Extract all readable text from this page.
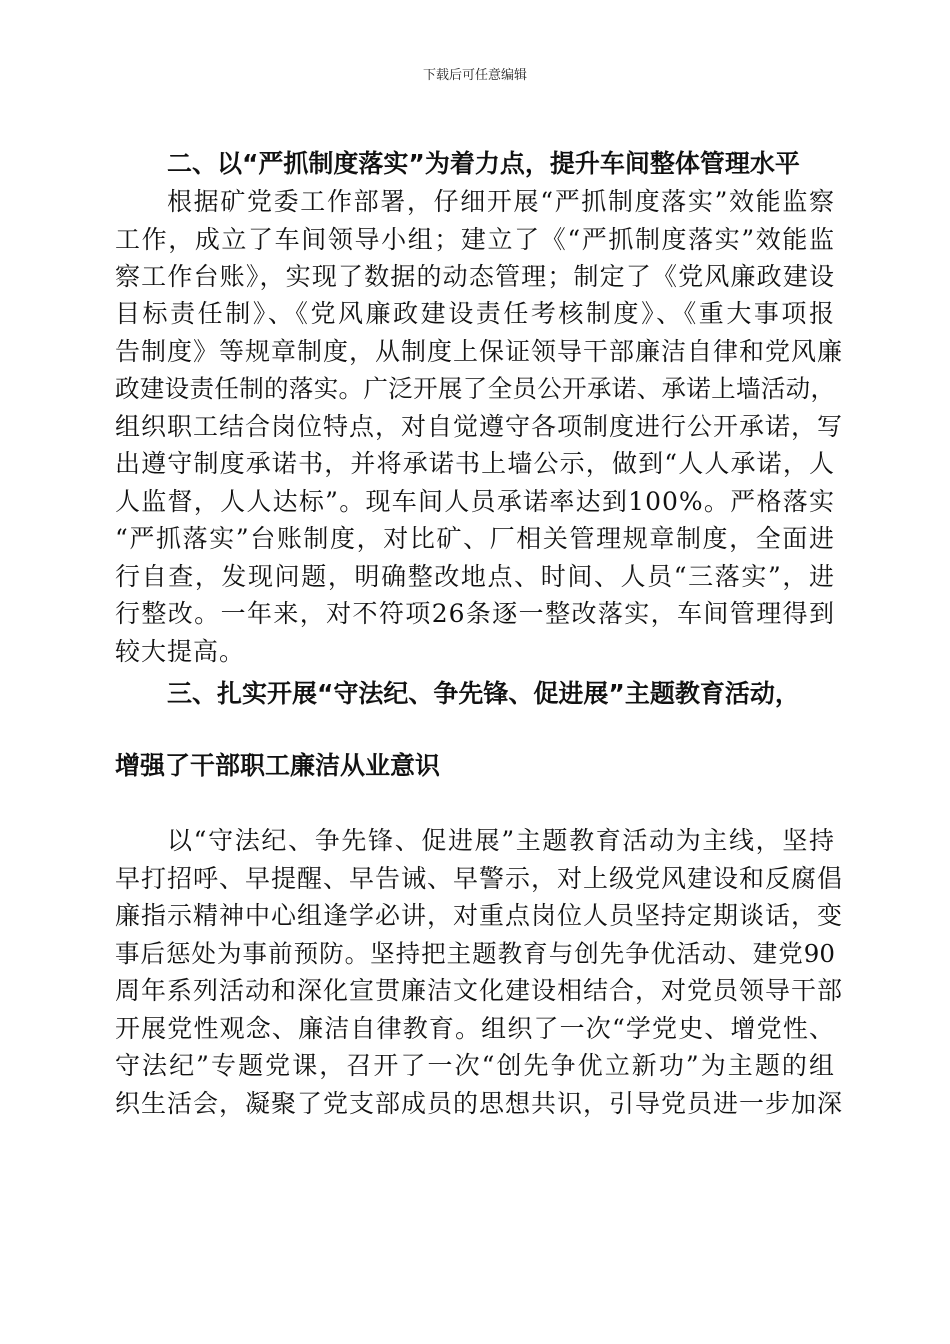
下载后可任意编辑
二、以“严抓制度落实”为着力点，提升车间整体管理水平
根据矿党委工作部署，仔细开展“严抓制度落实”效能监察
工作，成立了车间领导小组；建立了《“严抓制度落实”效能监
察工作台账》，实现了数据的动态管理；制定了《党风廉政建设
目标责任制》、《党风廉政建设责任考核制度》、《重大事项报
告制度》等规章制度，从制度上保证领导干部廉洁自律和党风廉
政建设责任制的落实。广泛开展了全员公开承诺、承诺上墙活动，
组织职工结合岗位特点，对自觉遵守各项制度进行公开承诺，写
出遵守制度承诺书，并将承诺书上墙公示，做到“人人承诺，人
人监督，人人达标”。现车间人员承诺率达到100%。严格落实
“严抓落实”台账制度，对比矿、厂相关管理规章制度，全面进
行自查，发现问题，明确整改地点、时间、人员“三落实”，进
行整改。一年来，对不符项26条逐一整改落实，车间管理得到
较大提高。
三、扎实开展“守法纪、争先锋、促进展”主题教育活动，
增强了干部职工廉洁从业意识
以“守法纪、争先锋、促进展”主题教育活动为主线，坚持
早打招呼、早提醒、早告诫、早警示，对上级党风建设和反腐倡
廉指示精神中心组逢学必讲，对重点岗位人员坚持定期谈话，变
事后惩处为事前预防。坚持把主题教育与创先争优活动、建党90
周年系列活动和深化宣贯廉洁文化建设相结合，对党员领导干部
开展党性观念、廉洁自律教育。组织了一次“学党史、增党性、
守法纪”专题党课，召开了一次“创先争优立新功”为主题的组
织生活会，凝聚了党支部成员的思想共识，引导党员进一步加深
